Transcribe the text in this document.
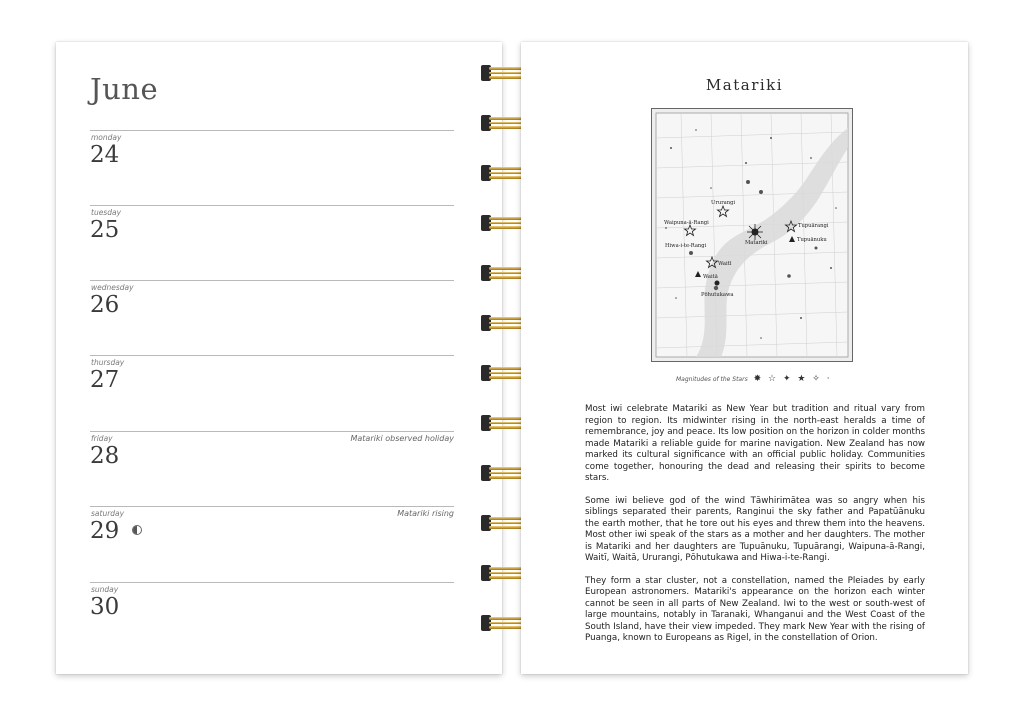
June
monday
24
tuesday
25
wednesday
26
thursday
27
friday	Matariki observed holiday
28
saturday	Matariki rising
29
sunday
30
Matariki
Ururangi
Waipuna-ā-Rangi
Hiwa-i-te-Rangi	Matariki
Tupuārangi
Tupuānuku
Waitī
Waitā
Pōhutukawa
Magnitudes of the Stars ✸ ☆ ✦ ★ ✧ ·

Most iwi celebrate Matariki as New Year but tradition and ritual vary from region to region. Its midwinter rising in the north-east heralds a time of remembrance, joy and peace. Its low position on the horizon in colder months made Matariki a reliable guide for marine navigation. New Zealand has now marked its cultural significance with an official public holiday. Communities come together, honouring the dead and releasing their spirits to become stars.

Some iwi believe god of the wind Tāwhirimātea was so angry when his siblings separated their parents, Ranginui the sky father and Papatūānuku the earth mother, that he tore out his eyes and threw them into the heavens. Most other iwi speak of the stars as a mother and her daughters. The mother is Matariki and her daughters are Tupuānuku, Tupuārangi, Waipuna-ā-Rangi, Waitī, Waitā, Ururangi, Pōhutukawa and Hiwa-i-te-Rangi.

They form a star cluster, not a constellation, named the Pleiades by early European astronomers. Matariki's appearance on the horizon each winter cannot be seen in all parts of New Zealand. Iwi to the west or south-west of large mountains, notably in Taranaki, Whanganui and the West Coast of the South Island, have their view impeded. They mark New Year with the rising of Puanga, known to Europeans as Rigel, in the constellation of Orion.
